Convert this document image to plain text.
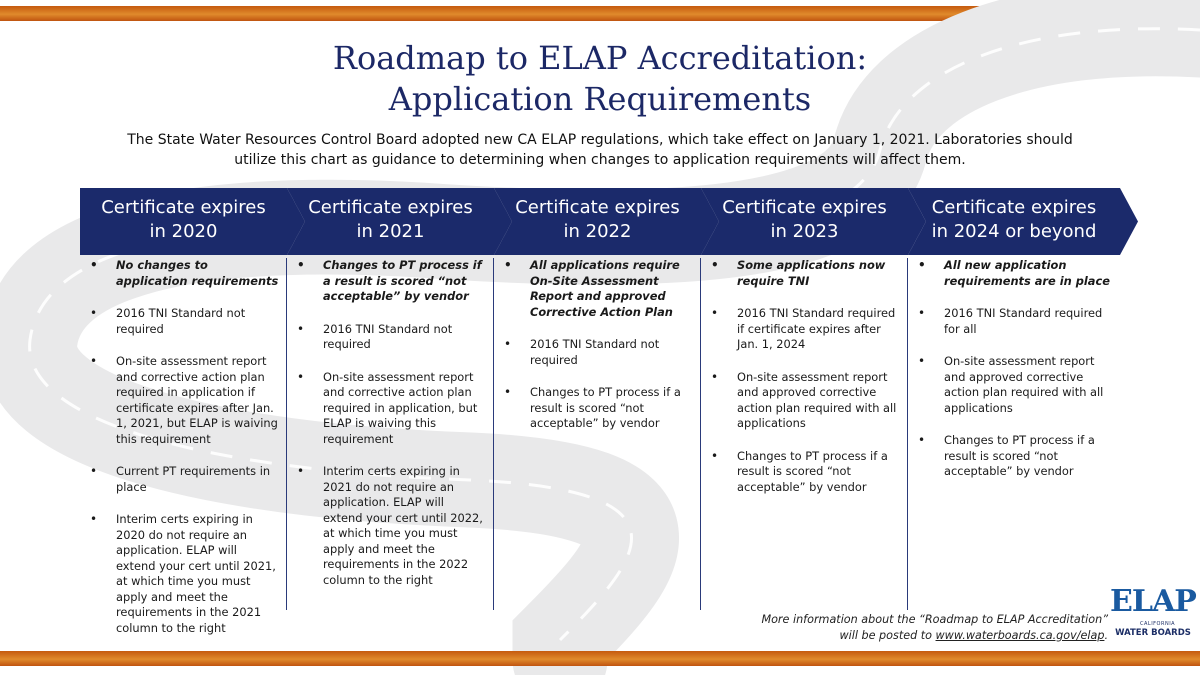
Roadmap to ELAP Accreditation:
Application Requirements
The State Water Resources Control Board adopted new CA ELAP regulations, which take effect on January 1, 2021. Laboratories should
utilize this chart as guidance to determining when changes to application requirements will affect them.
Certificate expires
in 2020
• No changes to application requirements
• 2016 TNI Standard not required
• On-site assessment report and corrective action plan required in application if certificate expires after Jan. 1, 2021, but ELAP is waiving this requirement
• Current PT requirements in place
• Interim certs expiring in 2020 do not require an application. ELAP will extend your cert until 2021, at which time you must apply and meet the requirements in the 2021 column to the right
Certificate expires
in 2021
• Changes to PT process if a result is scored “not acceptable” by vendor
• 2016 TNI Standard not required
• On-site assessment report and corrective action plan required in application, but ELAP is waiving this requirement
• Interim certs expiring in 2021 do not require an application. ELAP will extend your cert until 2022, at which time you must apply and meet the requirements in the 2022 column to the right
Certificate expires
in 2022
• All applications require On-Site Assessment Report and approved Corrective Action Plan
• 2016 TNI Standard not required
• Changes to PT process if a result is scored “not acceptable” by vendor
Certificate expires
in 2023
• Some applications now require TNI
• 2016 TNI Standard required if certificate expires after Jan. 1, 2024
• On-site assessment report and approved corrective action plan required with all applications
• Changes to PT process if a result is scored “not acceptable” by vendor
Certificate expires
in 2024 or beyond
• All new application requirements are in place
• 2016 TNI Standard required for all
• On-site assessment report and approved corrective action plan required with all applications
• Changes to PT process if a result is scored “not acceptable” by vendor
More information about the “Roadmap to ELAP Accreditation”
will be posted to www.waterboards.ca.gov/elap.
ELAP
CALIFORNIA
WATER BOARDS
